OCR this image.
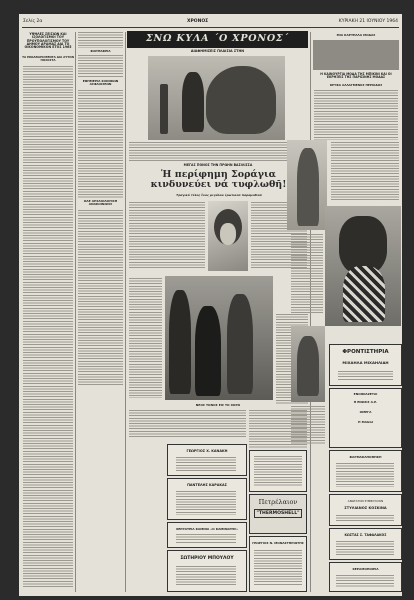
Σελίς 2α	ΧΡΟΝΟΣ	ΚΥΡΙΑΚΗ 21 ΙΟΥΝΙΟΥ 1964
ΥΨΗΛΕΣ ΣΕΙΣΙΩΝ ΚΑΙ ΙΣΟΛΟΓΙΣΜΟΙ ΤΟΥ ΠΡΟΫΠΟΛΟΓΙΣΜΟΥ ΤΟΥ ΔΗΜΟΥ ΔΡΑΜΑΣ ΔΙΑ ΤΟ ΟΙΚΟΝΟΜΙΚΟΝ ΕΤΟΣ 1965
ΤΑ ΕΚΚΑΘΑΡΙΣΘΕΝΤΑ ΔΙΑ ΑΥΤΟΝ ΠΟΣΟΣΤΑ
ΦΑΡΜΑΚΕΙΑ
ΕΦΗΜΕΡΙΑ ΚΛΙΝΙΚΩΝ ΑΣΦΑΛΙΣΕΩΝ
ΟΑΕ ΑΡΧΑΙΟΛΟΓΙΚΗ ΑΝΑΚΟΙΝΩΣΙΣ
ΣΝΩ ΚΥΛΑ ΄Ο ΧΡΟΝΟΣ΄
ΔΙΑΦΗΜΙΣΕΙΣ ΠΛΑΙΣΙΑ ΣΤΗΝ
ΜΕΓΑΣ ΠΟΝΟΣ ΤΗΝ ΠΡΩΗΝ ΒΑΣΙΛΙΣΣΑ
Ἡ περίφημη Σοράγια κινδυνεύει νά τυφλωθῆ!
Τραγικό τέλος ἕνος μεγάλου ἐρωτικοῦ παραμυθιοῦ
ΝΕΟΣ ΤΟΝΟΣ ΕΙΣ ΤΟ ΧΟΡΟ
ΓΕΩΡΓΙΟΣ Χ. ΚΑΝΑΚΗ
ΠΑΝΤΕΛΗΣ ΚΑΡΑΚΑΣ
ΧΕΡΡΑΤΕΙΑ ΚΑΜΙΝΑ «Ο ΚΑΜΙΝΑΡΗΣ»
ΣΩΤΗΡΙΟΥ ΜΠΟΥΛΟΥ
Πετρέλαιον
"THERMOSHELL"
ΓΕΩΡΓΙΟΣ Ν. ΜΟΝΑΣΤΗΡΙΩΤΗΣ
ΜΙΑ ΚΑΡΤΕΛΛΑ ΜΟΔΑΣ
Η ΚΑΙΝΟΥΡΓΙΑ ΜΟΔΑ ΤΗΣ ΜΠΙΚΙΝΙ ΚΑΙ ΟΙ ΕΚΡΗΞΕΙΣ ΤΗΣ ΠΑΡΙΣΙΝΗΣ ΜΟΔΑΣ
ΚΡΥΦΑ ΑΛΛΑΓΜΕΝΟΣ ΠΕΡΙΟΔΟΣ
ΦΡΟΝΤΙΣΤΗΡΙΑ
ΜΙΧΑΗΛΑ ΜΙΧΑΗΛΙΔΗ
ΕΝΟΙΚΙΑΖΕΤΑΙ
Η ΕΝΩΣΙΣ Α.Ε.
ΟΜΕΓΑ
Η MAGGI
ΦΑΡΜΑΚΑΠΟΘΗΚΗ
ΑΝΩΤΑΤΟΝ ΣΥΜΒΟΥΛΙΟΝ
ΣΤΥΛΙΑΝΟΣ ΚΟΣΚΙΝΑ
ΚΩΣΤΑΣ Σ. ΤΑΦΑΛΑΚΟΣ
ΚΕΡΑΜΟΠΟΙΕΙΑ
